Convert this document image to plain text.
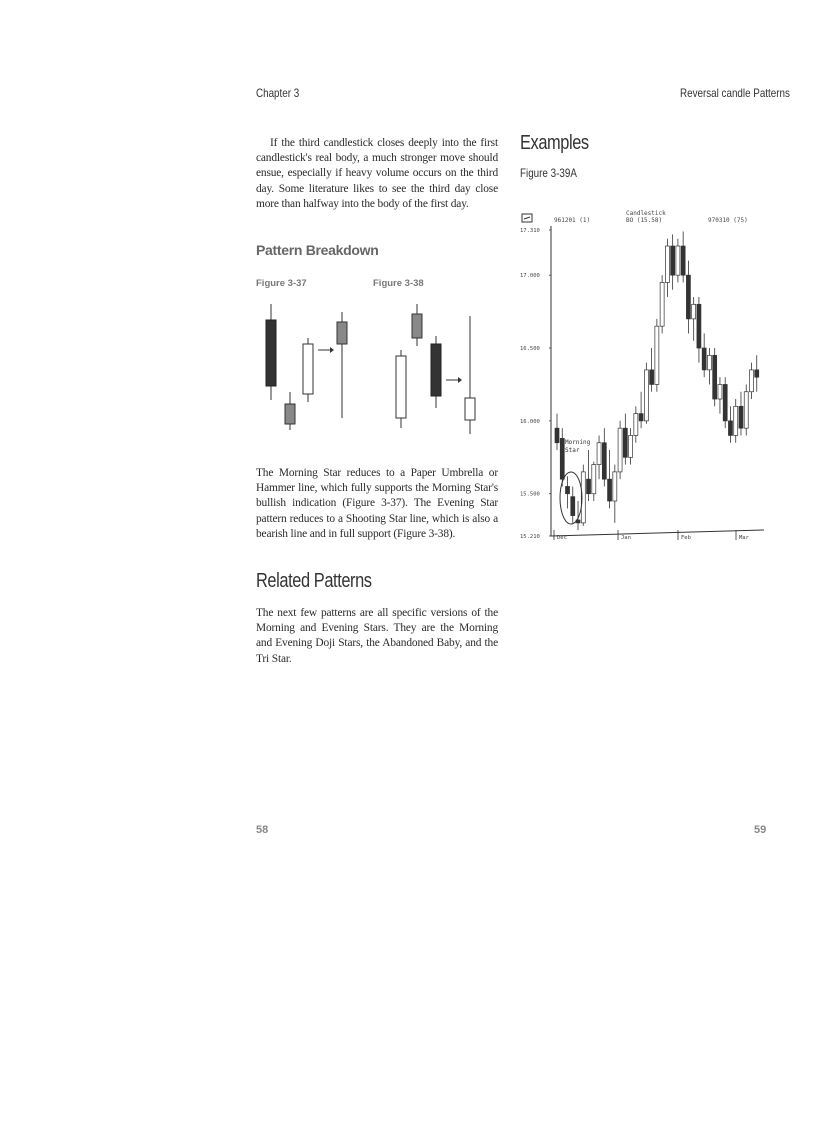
Chapter 3	Reversal candle Patterns
If the third candlestick closes deeply into the first candlestick's real body, a much stronger move should ensue, especially if heavy volume occurs on the third day. Some literature likes to see the third day close more than halfway into the body of the first day.
Pattern Breakdown
Figure 3-37	Figure 3-38
The Morning Star reduces to a Paper Umbrella or Hammer line, which fully supports the Morning Star's bullish indication (Figure 3-37). The Evening Star pattern reduces to a Shooting Star line, which is also a bearish line and in full support (Figure 3-38).
Related Patterns
The next few patterns are all specific versions of the Morning and Evening Stars. They are the Morning and Evening Doji Stars, the Abandoned Baby, and the Tri Star.
Examples
Figure 3-39A
961201 (1)
Candlestick
BO (15.58)	970310 (75)
17.310
17.000
16.500
16.000
15.500
15.210	Dec	Jan	Feb	Mar
Morning
Star
58	59
